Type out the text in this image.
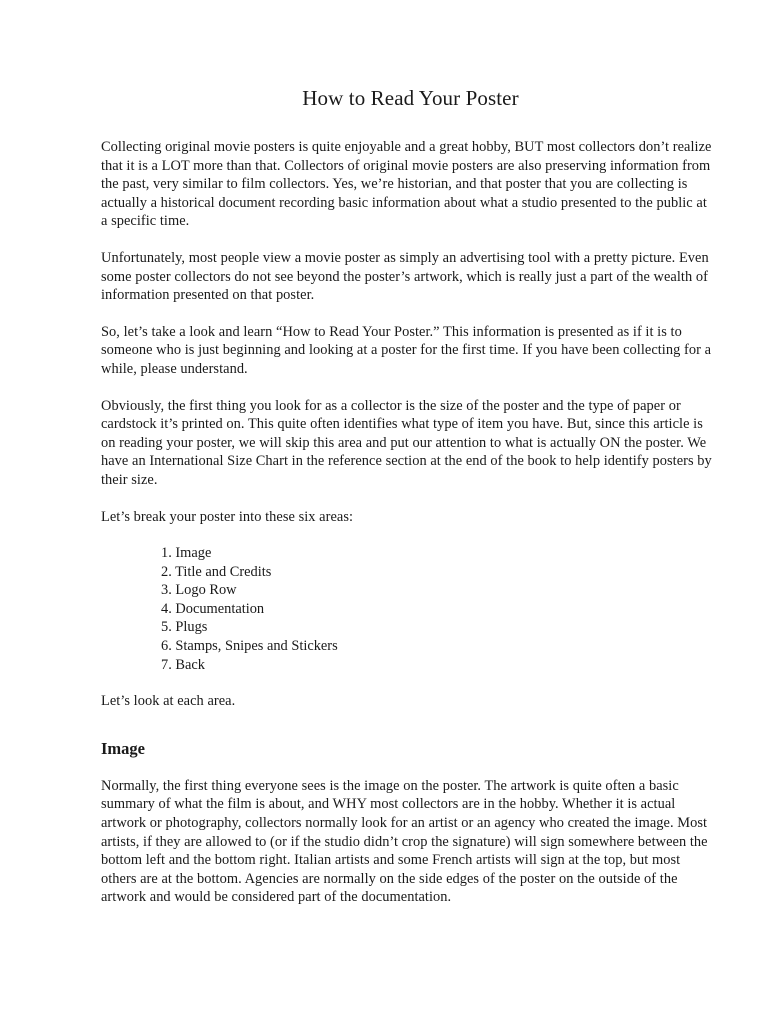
How to Read Your Poster

Collecting original movie posters is quite enjoyable and a great hobby, BUT most collectors don’t realize that it is a LOT more than that. Collectors of original movie posters are also preserving information from the past, very similar to film collectors. Yes, we’re historian, and that poster that you are collecting is actually a historical document recording basic information about what a studio presented to the public at a specific time.

Unfortunately, most people view a movie poster as simply an advertising tool with a pretty picture. Even some poster collectors do not see beyond the poster’s artwork, which is really just a part of the wealth of information presented on that poster.

So, let’s take a look and learn “How to Read Your Poster.” This information is presented as if it is to someone who is just beginning and looking at a poster for the first time. If you have been collecting for a while, please understand.

Obviously, the first thing you look for as a collector is the size of the poster and the type of paper or cardstock it’s printed on. This quite often identifies what type of item you have. But, since this article is on reading your poster, we will skip this area and put our attention to what is actually ON the poster. We have an International Size Chart in the reference section at the end of the book to help identify posters by their size.

Let’s break your poster into these six areas:

1. Image
2. Title and Credits
3. Logo Row
4. Documentation
5. Plugs
6. Stamps, Snipes and Stickers
7. Back

Let’s look at each area.

Image

Normally, the first thing everyone sees is the image on the poster. The artwork is quite often a basic summary of what the film is about, and WHY most collectors are in the hobby. Whether it is actual artwork or photography, collectors normally look for an artist or an agency who created the image. Most artists, if they are allowed to (or if the studio didn’t crop the signature) will sign somewhere between the bottom left and the bottom right. Italian artists and some French artists will sign at the top, but most others are at the bottom. Agencies are normally on the side edges of the poster on the outside of the artwork and would be considered part of the documentation.
